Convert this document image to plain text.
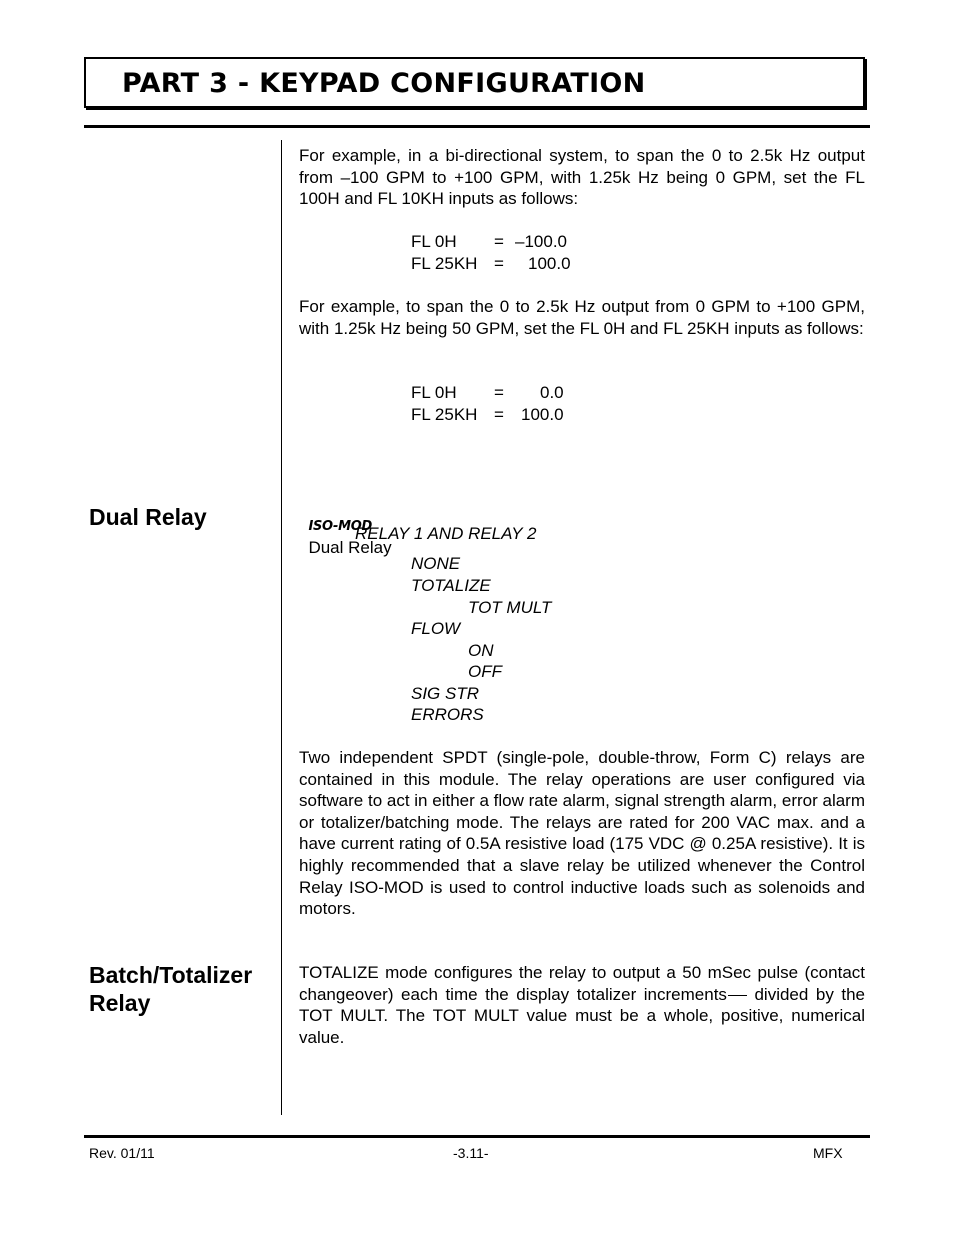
PART 3 - KEYPAD CONFIGURATION
For example, in a bi-directional system, to span the 0 to 2.5k Hz output from –100 GPM to +100 GPM, with 1.25k Hz being 0 GPM, set the FL 100H and FL 10KH inputs as follows:
FL 0H = –100.0
FL 25KH = 100.0
For example, to span the 0 to 2.5k Hz output from 0 GPM to +100 GPM, with 1.25k Hz being 50 GPM, set the FL 0H and FL 25KH inputs as follows:
FL 0H = 0.0
FL 25KH = 100.0
Dual Relay	ISO-MOD
Dual Relay

RELAY 1 AND RELAY 2
NONE
TOTALIZE
TOT MULT
FLOW
ON
OFF
SIG STR
ERRORS
Two independent SPDT (single-pole, double-throw, Form C) relays are contained in this module. The relay operations are user configured via software to act in either a flow rate alarm, signal strength alarm, error alarm or totalizer/batching mode. The relays are rated for 200 VAC max. and a have current rating of 0.5A resistive load (175 VDC @ 0.25A resistive). It is highly recommended that a slave relay be utilized whenever the Control Relay ISO-MOD is used to control inductive loads such as solenoids and motors.
Batch/Totalizer
Relay
TOTALIZE mode configures the relay to output a 50 mSec pulse (contact changeover) each time the display totalizer increments divided by the TOT MULT. The TOT MULT value must be a whole, positive, numerical value.
Rev. 01/11	-3.11-	MFX
